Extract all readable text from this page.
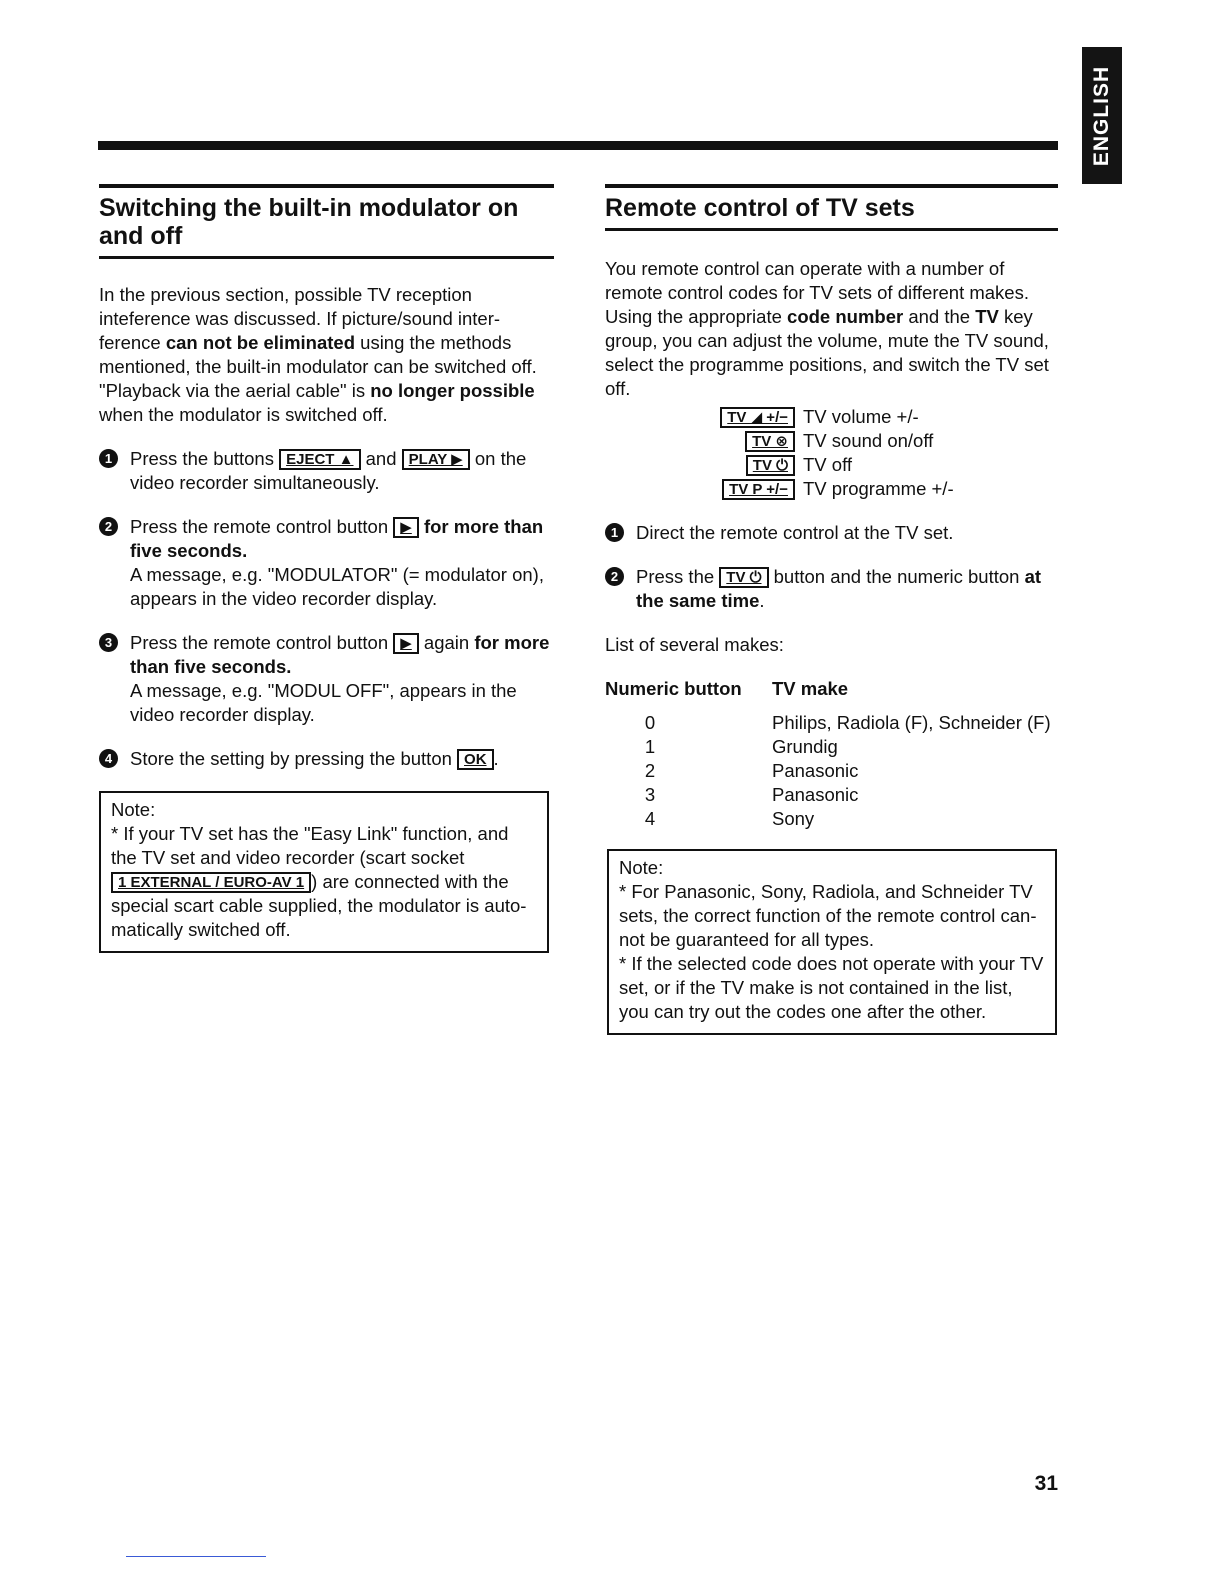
ENGLISH
Switching the built-in modulator on and off

In the previous section, possible TV reception inteference was discussed. If picture/sound inter-ference can not be eliminated using the methods mentioned, the built-in modulator can be switched off. "Playback via the aerial cable" is no longer possible when the modulator is switched off.

1 Press the buttons EJECT ▲ and PLAY ▶ on the video recorder simultaneously.
2 Press the remote control button ▶ for more than five seconds.
A message, e.g. "MODULATOR" (= modulator on), appears in the video recorder display.
3 Press the remote control button ▶ again for more than five seconds.
A message, e.g. "MODUL OFF", appears in the video recorder display.
4 Store the setting by pressing the button OK .
Note:
* If your TV set has the "Easy Link" function, and the TV set and video recorder (scart socket 1 EXTERNAL / EURO-AV 1 ) are connected with the special scart cable supplied, the modulator is auto-matically switched off.
Remote control of TV sets

You remote control can operate with a number of remote control codes for TV sets of different makes. Using the appropriate code number and the TV key group, you can adjust the volume, mute the TV sound, select the programme positions, and switch the TV set off.

TV ◢ +/− TV volume +/-
TV ⊗ TV sound on/off
TV ⏻ TV off
TV P +/− TV programme +/-
1 Direct the remote control at the TV set.
2 Press the TV ⏻ button and the numeric button at the same time.

List of several makes:

Numeric button	TV make
0	Philips, Radiola (F), Schneider (F)
1	Grundig
2	Panasonic
3	Panasonic
4	Sony
Note:
* For Panasonic, Sony, Radiola, and Schneider TV sets, the correct function of the remote control can-not be guaranteed for all types.
* If the selected code does not operate with your TV set, or if the TV make is not contained in the list, you can try out the codes one after the other.
31
